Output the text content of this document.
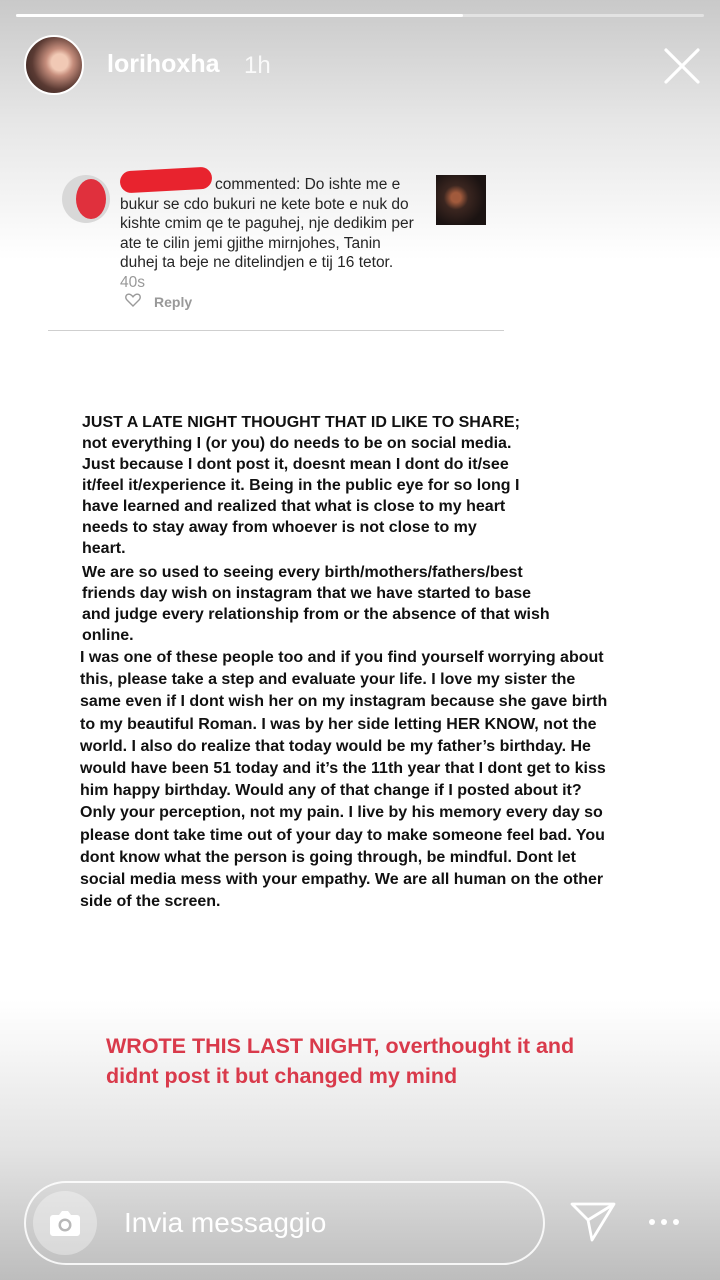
lorihoxha 1h
commented: Do ishte me e bukur se cdo bukuri ne kete bote e nuk do kishte cmim qe te paguhej, nje dedikim per ate te cilin jemi gjithe mirnjohes, Tanin duhej ta beje ne ditelindjen e tij 16 tetor. 40s
Reply

JUST A LATE NIGHT THOUGHT THAT ID LIKE TO SHARE; not everything I (or you) do needs to be on social media. Just because I dont post it, doesnt mean I dont do it/see it/feel it/experience it. Being in the public eye for so long I have learned and realized that what is close to my heart needs to stay away from whoever is not close to my heart.

We are so used to seeing every birth/mothers/fathers/best friends day wish on instagram that we have started to base and judge every relationship from or the absence of that wish online.

I was one of these people too and if you find yourself worrying about this, please take a step and evaluate your life. I love my sister the same even if I dont wish her on my instagram because she gave birth to my beautiful Roman. I was by her side letting HER KNOW, not the world. I also do realize that today would be my father’s birthday. He would have been 51 today and it’s the 11th year that I dont get to kiss him happy birthday. Would any of that change if I posted about it? Only your perception, not my pain. I live by his memory every day so please dont take time out of your day to make someone feel bad. You dont know what the person is going through, be mindful. Dont let social media mess with your empathy. We are all human on the other side of the screen.

WROTE THIS LAST NIGHT, overthought it and didnt post it but changed my mind

Invia messaggio
